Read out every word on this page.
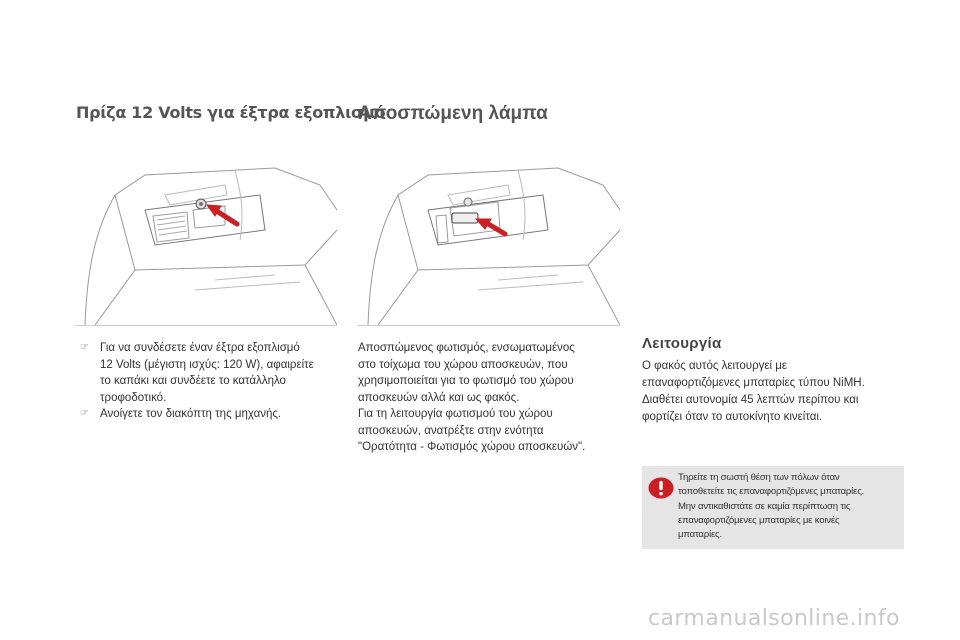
Πρίζα 12 Volts για έξτρα εξοπλισμό
Αποσπώμενη λάμπα
☞ Για να συνδέσετε έναν έξτρα εξοπλισμό
12 Volts (μέγιστη ισχύς: 120 W), αφαιρείτε
το καπάκι και συνδέετε το κατάλληλο
τροφοδοτικό.
☞ Ανοίγετε τον διακόπτη της μηχανής.
Αποσπώμενος φωτισμός, ενσωματωμένος
στο τοίχωμα του χώρου αποσκευών, που
χρησιμοποιείται για το φωτισμό του χώρου
αποσκευών αλλά και ως φακός.
Για τη λειτουργία φωτισμού του χώρου
αποσκευών, ανατρέξτε στην ενότητα
"Ορατότητα - Φωτισμός χώρου αποσκευών".
Λειτουργία
Ο φακός αυτός λειτουργεί με
επαναφορτιζόμενες μπαταρίες τύπου NiMH.
Διαθέτει αυτονομία 45 λεπτών περίπου και
φορτίζει όταν το αυτοκίνητο κινείται.
Τηρείτε τη σωστή θέση των πόλων όταν
τοποθετείτε τις επαναφορτιζόμενες μπαταρίες.
Μην αντικαθιστάτε σε καμία περίπτωση τις
επαναφορτιζόμενες μπαταρίες με κοινές
μπαταρίες.
carmanualsonline.info
